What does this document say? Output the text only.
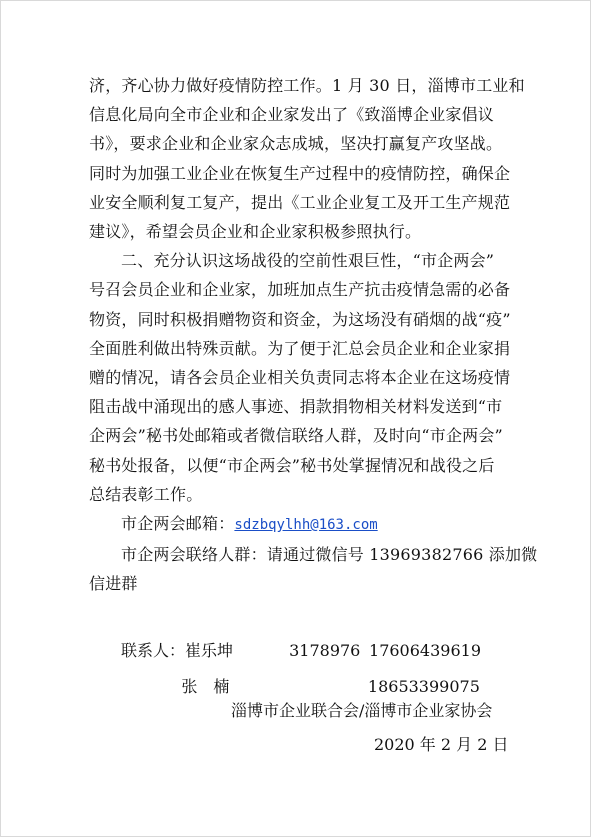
济，齐心协力做好疫情防控工作。1 月 30 日，淄博市工业和
信息化局向全市企业和企业家发出了《致淄博企业家倡议
书》，要求企业和企业家众志成城，坚决打赢复产攻坚战。
同时为加强工业企业在恢复生产过程中的疫情防控，确保企
业安全顺利复工复产，提出《工业企业复工及开工生产规范
建议》，希望会员企业和企业家积极参照执行。

二、充分认识这场战役的空前性艰巨性，“市企两会”
号召会员企业和企业家，加班加点生产抗击疫情急需的必备
物资，同时积极捐赠物资和资金，为这场没有硝烟的战“疫”
全面胜利做出特殊贡献。为了便于汇总会员企业和企业家捐
赠的情况，请各会员企业相关负责同志将本企业在这场疫情
阻击战中涌现出的感人事迹、捐款捐物相关材料发送到“市
企两会”秘书处邮箱或者微信联络人群，及时向“市企两会”
秘书处报备，以便“市企两会”秘书处掌握情况和战役之后
总结表彰工作。

市企两会邮箱：sdzbqylhh@163.com
市企两会联络人群：请通过微信号 13969382766 添加微
信进群
联系人： 崔乐坤	3178976 17606439619
张　楠	18653399075
淄博市企业联合会/淄博市企业家协会
2020 年 2 月 2 日
